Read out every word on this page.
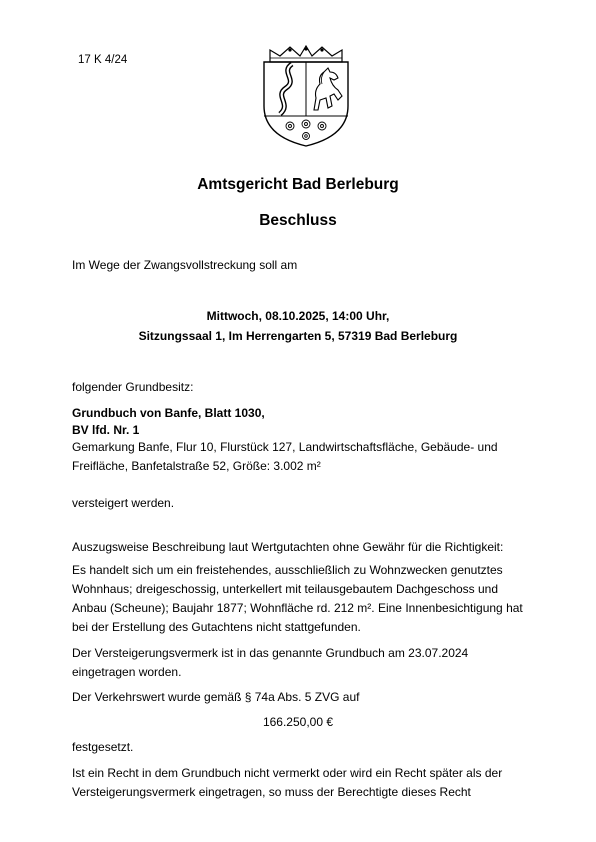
17 K 4/24
Amtsgericht Bad Berleburg
Beschluss
Im Wege der Zwangsvollstreckung soll am
Mittwoch, 08.10.2025, 14:00 Uhr,
Sitzungssaal 1, Im Herrengarten 5, 57319 Bad Berleburg
folgender Grundbesitz:
Grundbuch von Banfe, Blatt 1030,
BV lfd. Nr. 1
Gemarkung Banfe, Flur 10, Flurstück 127, Landwirtschaftsfläche, Gebäude- und
Freifläche, Banfetalstraße 52, Größe: 3.002 m²
versteigert werden.
Auszugsweise Beschreibung laut Wertgutachten ohne Gewähr für die Richtigkeit:
Es handelt sich um ein freistehendes, ausschließlich zu Wohnzwecken genutztes
Wohnhaus; dreigeschossig, unterkellert mit teilausgebautem Dachgeschoss und
Anbau (Scheune); Baujahr 1877; Wohnfläche rd. 212 m². Eine Innenbesichtigung hat
bei der Erstellung des Gutachtens nicht stattgefunden.
Der Versteigerungsvermerk ist in das genannte Grundbuch am 23.07.2024
eingetragen worden.
Der Verkehrswert wurde gemäß § 74a Abs. 5 ZVG auf
166.250,00 €
festgesetzt.
Ist ein Recht in dem Grundbuch nicht vermerkt oder wird ein Recht später als der
Versteigerungsvermerk eingetragen, so muss der Berechtigte dieses Recht
